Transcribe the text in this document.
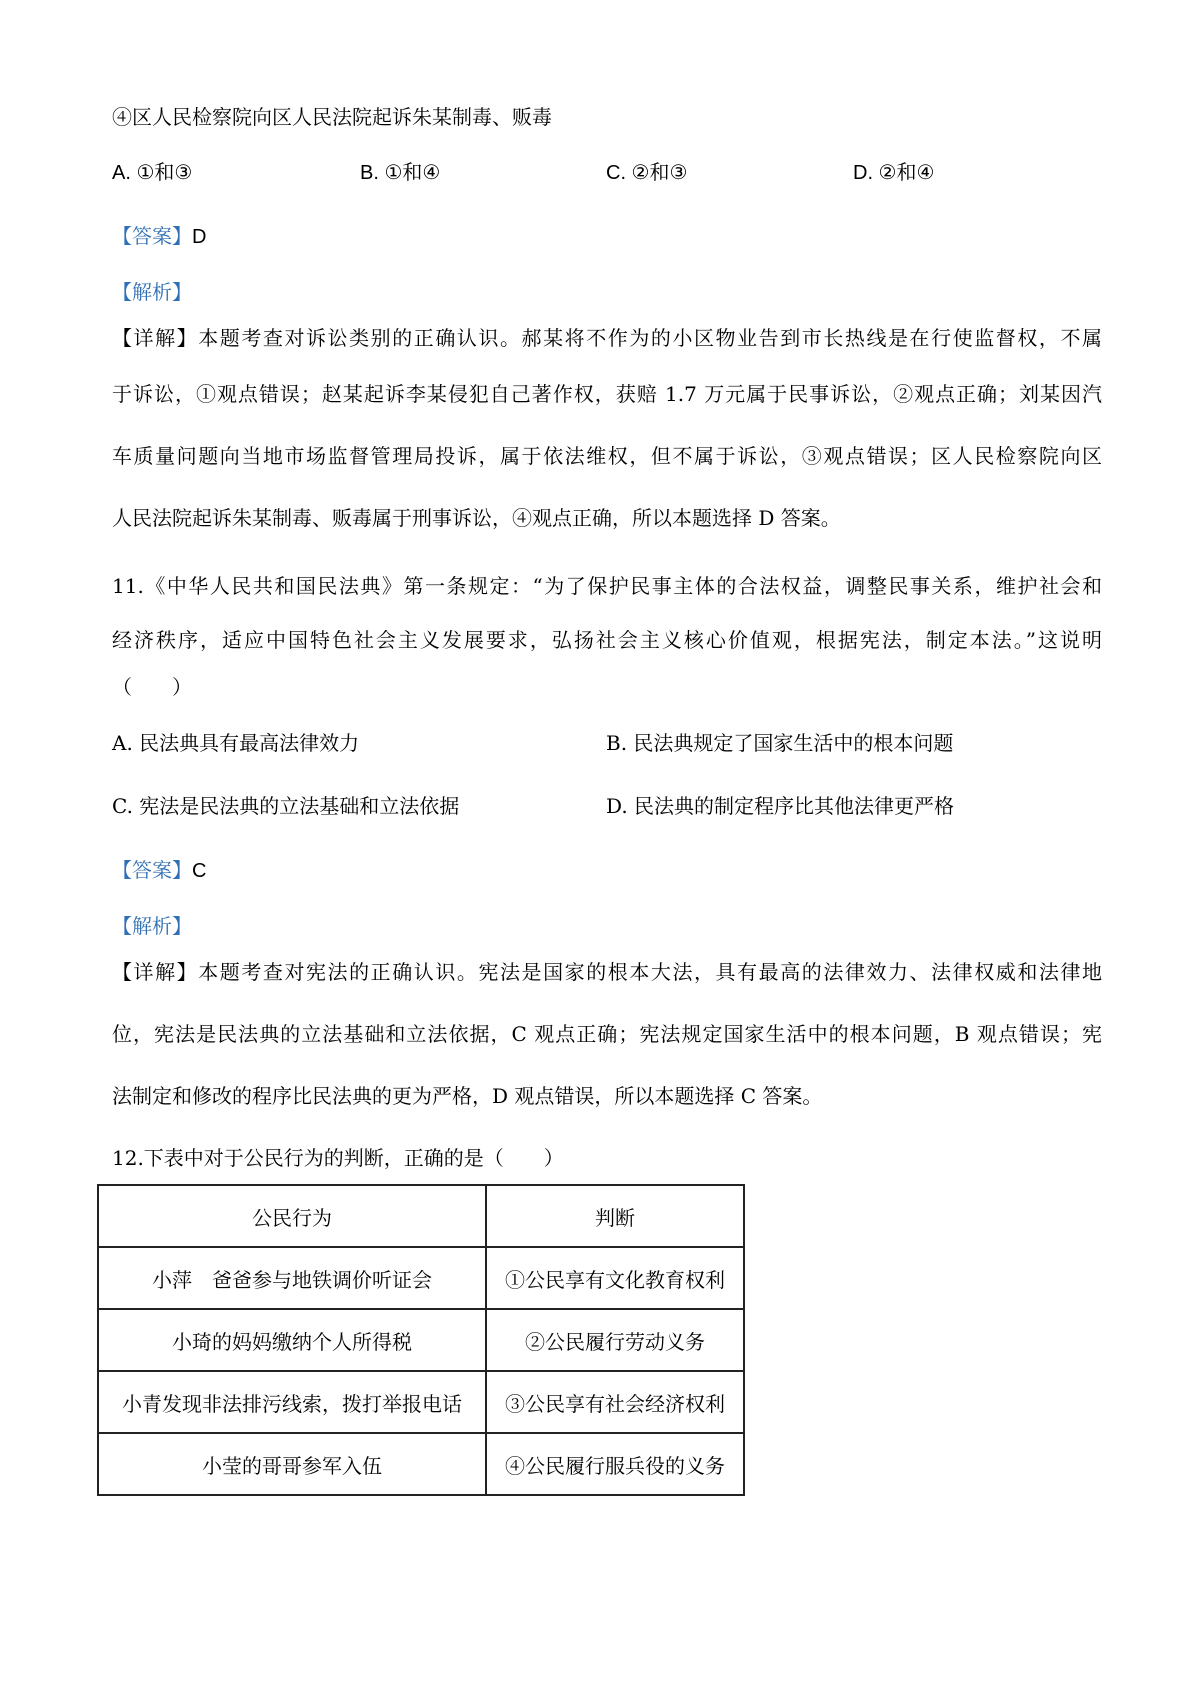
④区人民检察院向区人民法院起诉朱某制毒、贩毒
A. ①和③	B. ①和④	C. ②和③	D. ②和④
【答案】D
【解析】
【详解】本题考查对诉讼类别的正确认识。郝某将不作为的小区物业告到市长热线是在行使监督权，不属
于诉讼，①观点错误；赵某起诉李某侵犯自己著作权，获赔 1.7 万元属于民事诉讼，②观点正确；刘某因汽
车质量问题向当地市场监督管理局投诉，属于依法维权，但不属于诉讼，③观点错误；区人民检察院向区
人民法院起诉朱某制毒、贩毒属于刑事诉讼，④观点正确，所以本题选择 D 答案。
11.《中华人民共和国民法典》第一条规定：“为了保护民事主体的合法权益，调整民事关系，维护社会和
经济秩序，适应中国特色社会主义发展要求，弘扬社会主义核心价值观，根据宪法，制定本法。”这说明
（　　）
A. 民法典具有最高法律效力	B. 民法典规定了国家生活中的根本问题
C. 宪法是民法典的立法基础和立法依据	D. 民法典的制定程序比其他法律更严格
【答案】C
【解析】
【详解】本题考查对宪法的正确认识。宪法是国家的根本大法，具有最高的法律效力、法律权威和法律地
位，宪法是民法典的立法基础和立法依据，C 观点正确；宪法规定国家生活中的根本问题，B 观点错误；宪
法制定和修改的程序比民法典的更为严格，D 观点错误，所以本题选择 C 答案。
12.下表中对于公民行为的判断，正确的是（　　）
公民行为	判断
小萍　爸爸参与地铁调价听证会	①公民享有文化教育权利
小琦的妈妈缴纳个人所得税	②公民履行劳动义务
小青发现非法排污线索，拨打举报电话	③公民享有社会经济权利
小莹的哥哥参军入伍	④公民履行服兵役的义务
